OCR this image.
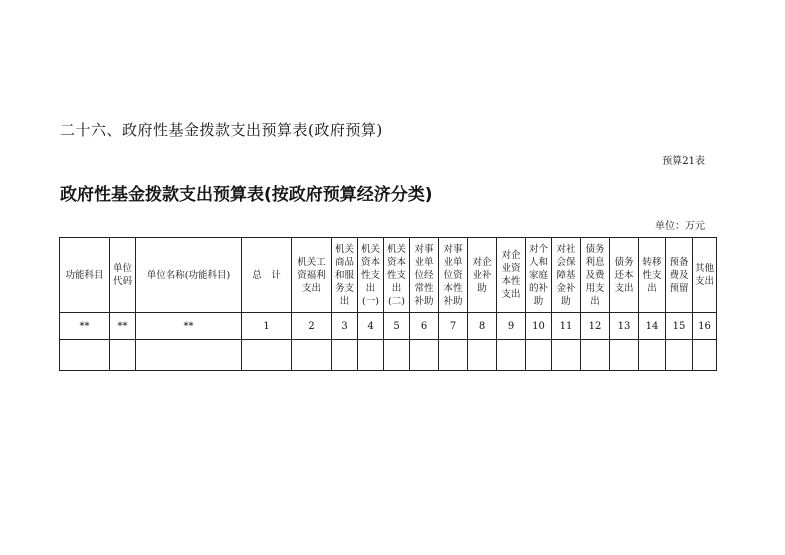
二十六、政府性基金拨款支出预算表(政府预算)
预算21表
政府性基金拨款支出预算表(按政府预算经济分类)
单位：万元
功能科目	单位代码	单位名称(功能科目)	总　计	机关工资福利支出	机关商品和服务支出	机关资本性支出(一)	机关资本性支出(二)	对事业单位经常性补助	对事业单位资本性补助	对企业补助	对企业资本性支出	对个人和家庭的补助	对社会保障基金补助	债务利息及费用支出	债务还本支出	转移性支出	预备费及预留	其他支出
**	**	**	1	2	3	4	5	6	7	8	9	10	11	12	13	14	15	16
